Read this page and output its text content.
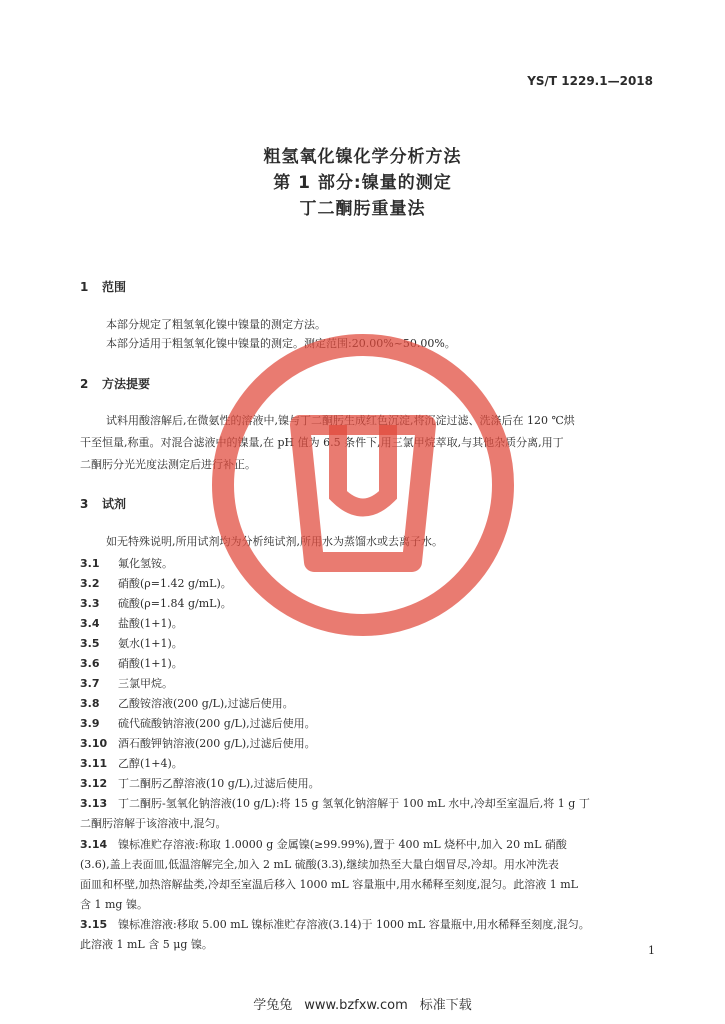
YS/T 1229.1—2018
粗氢氧化镍化学分析方法
第 1 部分:镍量的测定
丁二酮肟重量法
1 范围
本部分规定了粗氢氧化镍中镍量的测定方法。
本部分适用于粗氢氧化镍中镍量的测定。测定范围:20.00%~50.00%。
2 方法提要
试料用酸溶解后,在微氨性的溶液中,镍与丁二酮肟生成红色沉淀,将沉淀过滤、洗涤后在 120 ℃烘
干至恒量,称重。对混合滤液中的镍量,在 pH 值为 6.5 条件下,用三氯甲烷萃取,与其他杂质分离,用丁
二酮肟分光光度法测定后进行补正。
3 试剂
如无特殊说明,所用试剂均为分析纯试剂,所用水为蒸馏水或去离子水。
3.1 氟化氢铵。
3.2 硝酸(ρ=1.42 g/mL)。
3.3 硫酸(ρ=1.84 g/mL)。
3.4 盐酸(1+1)。
3.5 氨水(1+1)。
3.6 硝酸(1+1)。
3.7 三氯甲烷。
3.8 乙酸铵溶液(200 g/L),过滤后使用。
3.9 硫代硫酸钠溶液(200 g/L),过滤后使用。
3.10 酒石酸钾钠溶液(200 g/L),过滤后使用。
3.11 乙醇(1+4)。
3.12 丁二酮肟乙醇溶液(10 g/L),过滤后使用。
3.13 丁二酮肟-氢氧化钠溶液(10 g/L):将 15 g 氢氧化钠溶解于 100 mL 水中,冷却至室温后,将 1 g 丁
二酮肟溶解于该溶液中,混匀。
3.14 镍标准贮存溶液:称取 1.0000 g 金属镍(≥99.99%),置于 400 mL 烧杯中,加入 20 mL 硝酸
(3.6),盖上表面皿,低温溶解完全,加入 2 mL 硫酸(3.3),继续加热至大量白烟冒尽,冷却。用水冲洗表
面皿和杯壁,加热溶解盐类,冷却至室温后移入 1000 mL 容量瓶中,用水稀释至刻度,混匀。此溶液 1 mL
含 1 mg 镍。
3.15 镍标准溶液:移取 5.00 mL 镍标准贮存溶液(3.14)于 1000 mL 容量瓶中,用水稀释至刻度,混匀。
此溶液 1 mL 含 5 μg 镍。	1
学兔兔 www.bzfxw.com 标准下载
